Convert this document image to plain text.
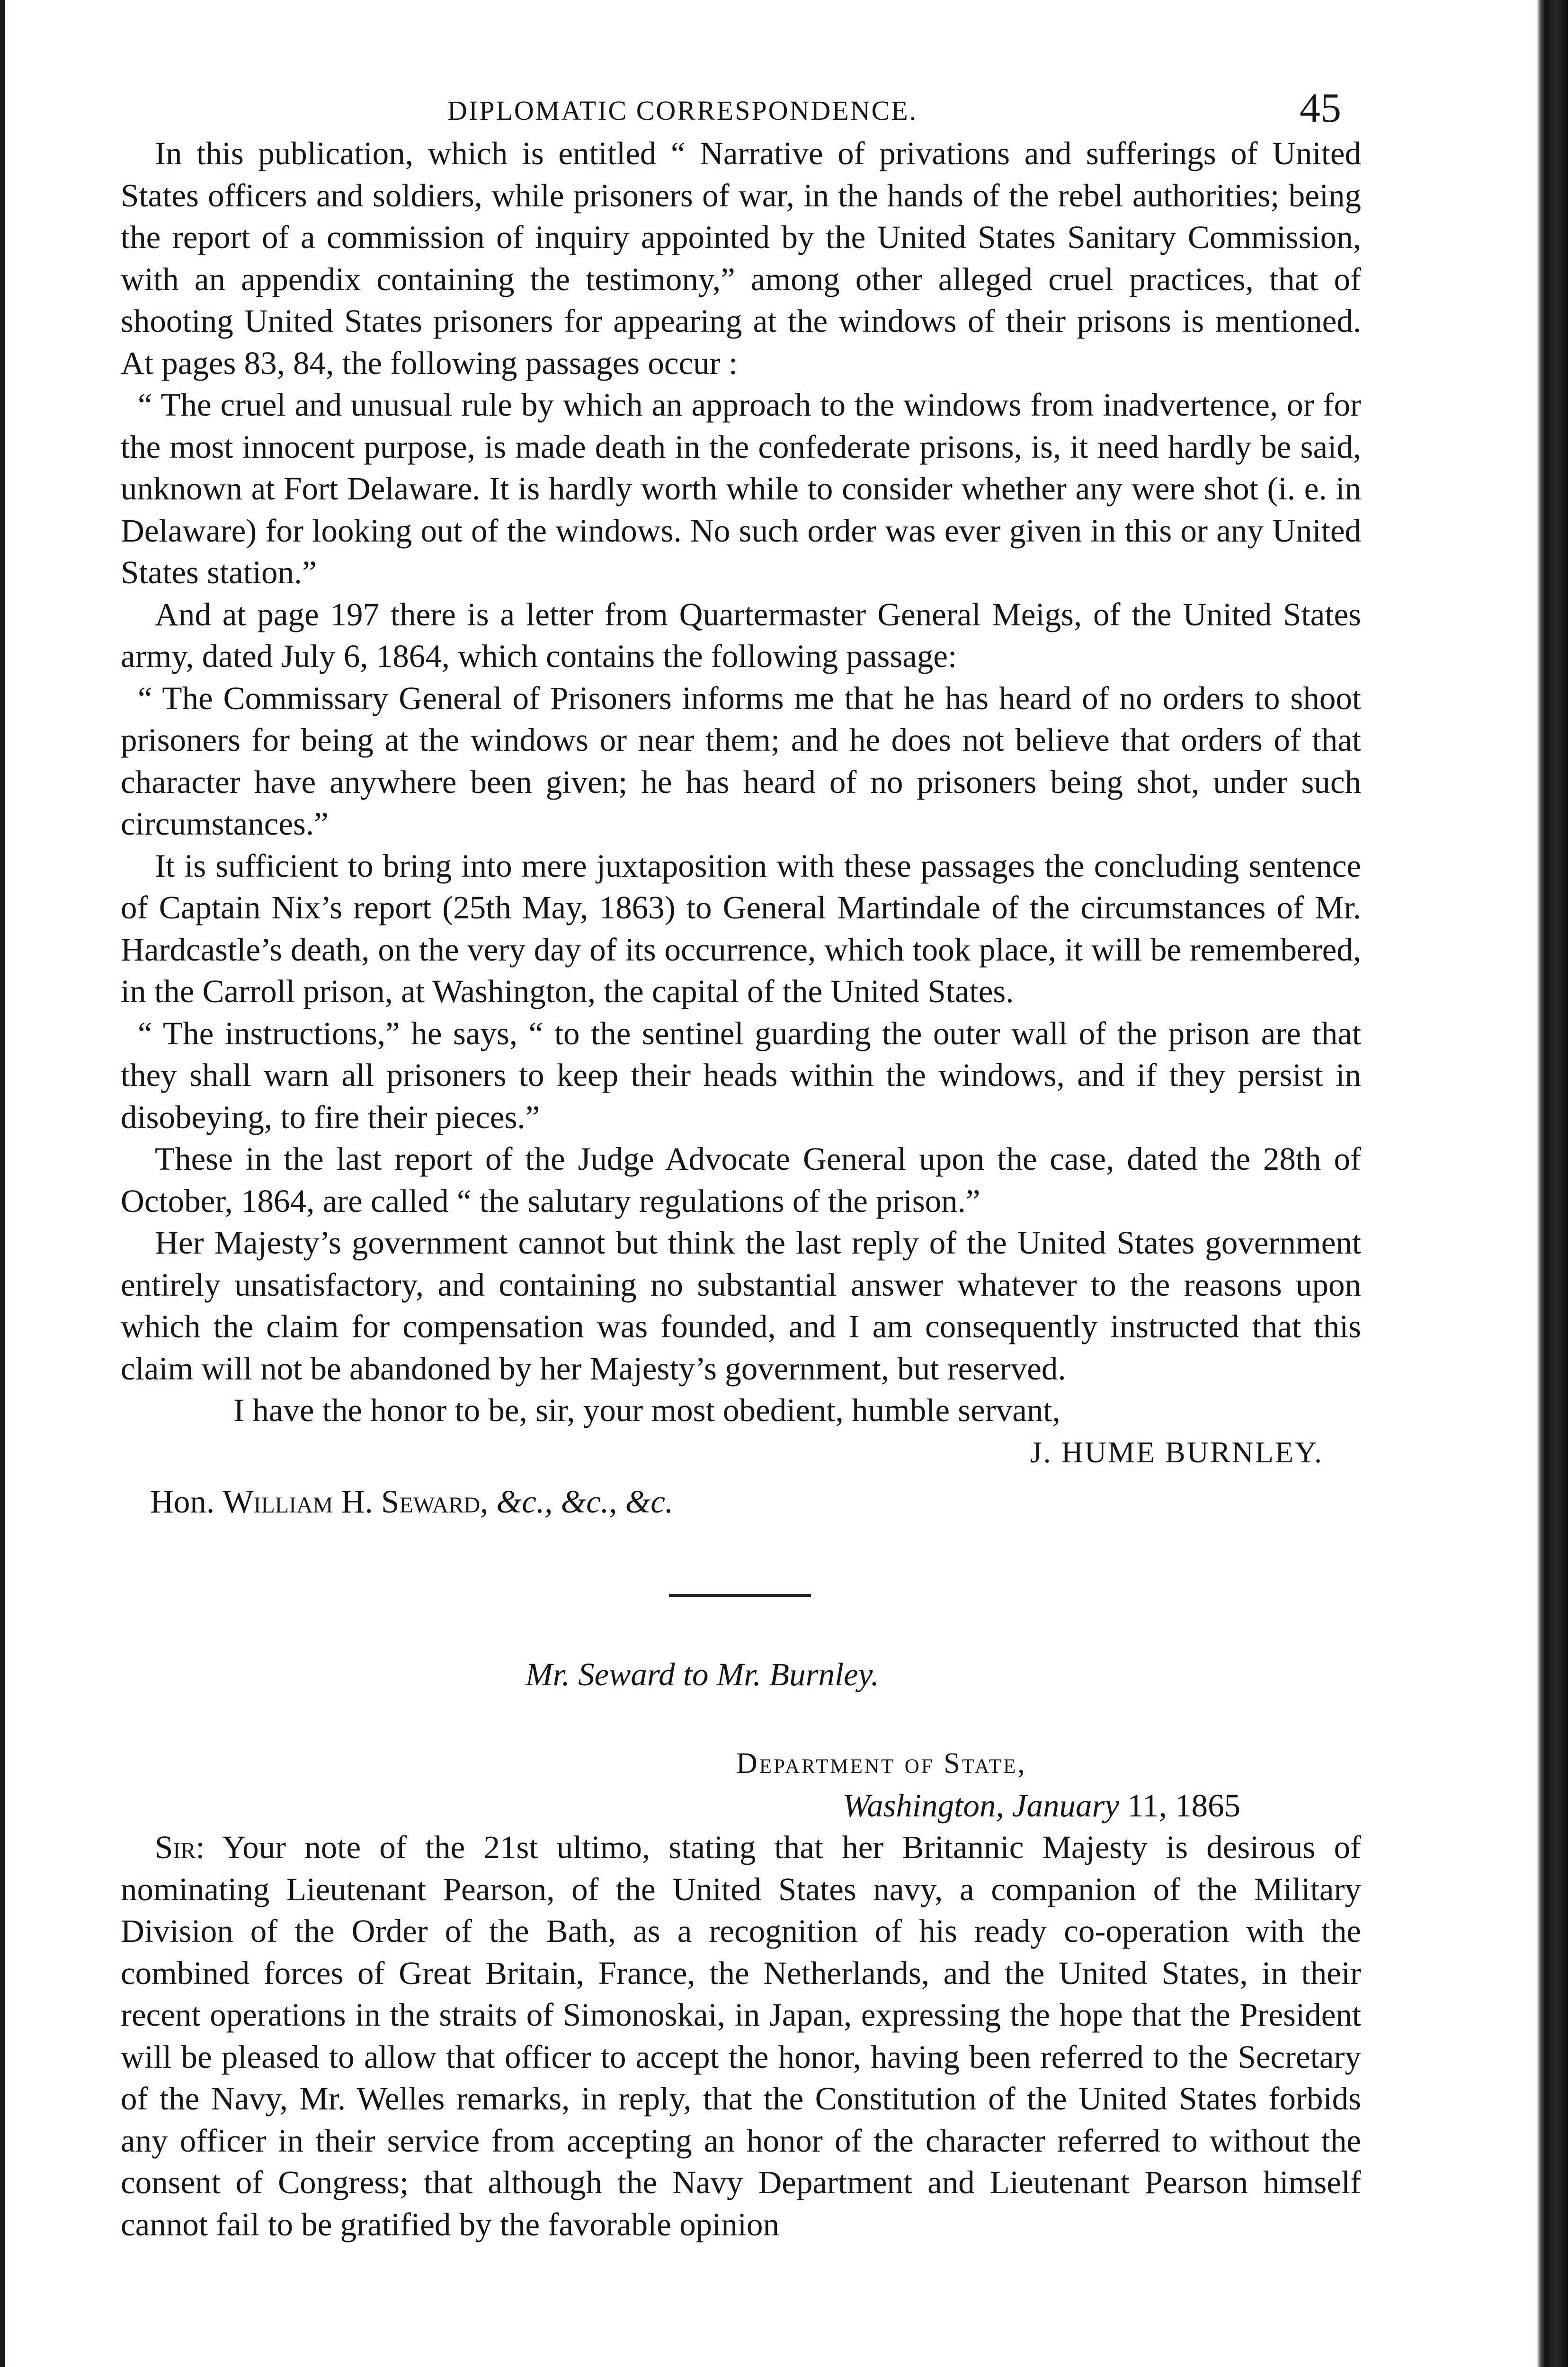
DIPLOMATIC CORRESPONDENCE.	45

In this publication, which is entitled “ Narrative of privations and sufferings of United States officers and soldiers, while prisoners of war, in the hands of the rebel authorities; being the report of a commission of inquiry appointed by the United States Sanitary Commission, with an appendix containing the testimony,” among other alleged cruel practices, that of shooting United States prisoners for appearing at the windows of their prisons is mentioned. At pages 83, 84, the following passages occur :

“ The cruel and unusual rule by which an approach to the windows from inadvertence, or for the most innocent purpose, is made death in the confederate prisons, is, it need hardly be said, unknown at Fort Delaware. It is hardly worth while to consider whether any were shot (i. e. in Delaware) for looking out of the windows. No such order was ever given in this or any United States station.”

And at page 197 there is a letter from Quartermaster General Meigs, of the United States army, dated July 6, 1864, which contains the following passage:

“ The Commissary General of Prisoners informs me that he has heard of no orders to shoot prisoners for being at the windows or near them; and he does not believe that orders of that character have anywhere been given; he has heard of no prisoners being shot, under such circumstances.”

It is sufficient to bring into mere juxtaposition with these passages the concluding sentence of Captain Nix’s report (25th May, 1863) to General Martindale of the circumstances of Mr. Hardcastle’s death, on the very day of its occurrence, which took place, it will be remembered, in the Carroll prison, at Washington, the capital of the United States.

“ The instructions,” he says, “ to the sentinel guarding the outer wall of the prison are that they shall warn all prisoners to keep their heads within the windows, and if they persist in disobeying, to fire their pieces.”

These in the last report of the Judge Advocate General upon the case, dated the 28th of October, 1864, are called “ the salutary regulations of the prison.”

Her Majesty’s government cannot but think the last reply of the United States government entirely unsatisfactory, and containing no substantial answer whatever to the reasons upon which the claim for compensation was founded, and I am consequently instructed that this claim will not be abandoned by her Majesty’s government, but reserved.

I have the honor to be, sir, your most obedient, humble servant,

J. HUME BURNLEY.

Hon. William H. Seward, &c., &c., &c.

Mr. Seward to Mr. Burnley.

Department of State,

Washington, January 11, 1865

Sir: Your note of the 21st ultimo, stating that her Britannic Majesty is desirous of nominating Lieutenant Pearson, of the United States navy, a companion of the Military Division of the Order of the Bath, as a recognition of his ready co-operation with the combined forces of Great Britain, France, the Netherlands, and the United States, in their recent operations in the straits of Simonoskai, in Japan, expressing the hope that the President will be pleased to allow that officer to accept the honor, having been referred to the Secretary of the Navy, Mr. Welles remarks, in reply, that the Constitution of the United States forbids any officer in their service from accepting an honor of the character referred to without the consent of Congress; that although the Navy Department and Lieutenant Pearson himself cannot fail to be gratified by the favorable opinion
